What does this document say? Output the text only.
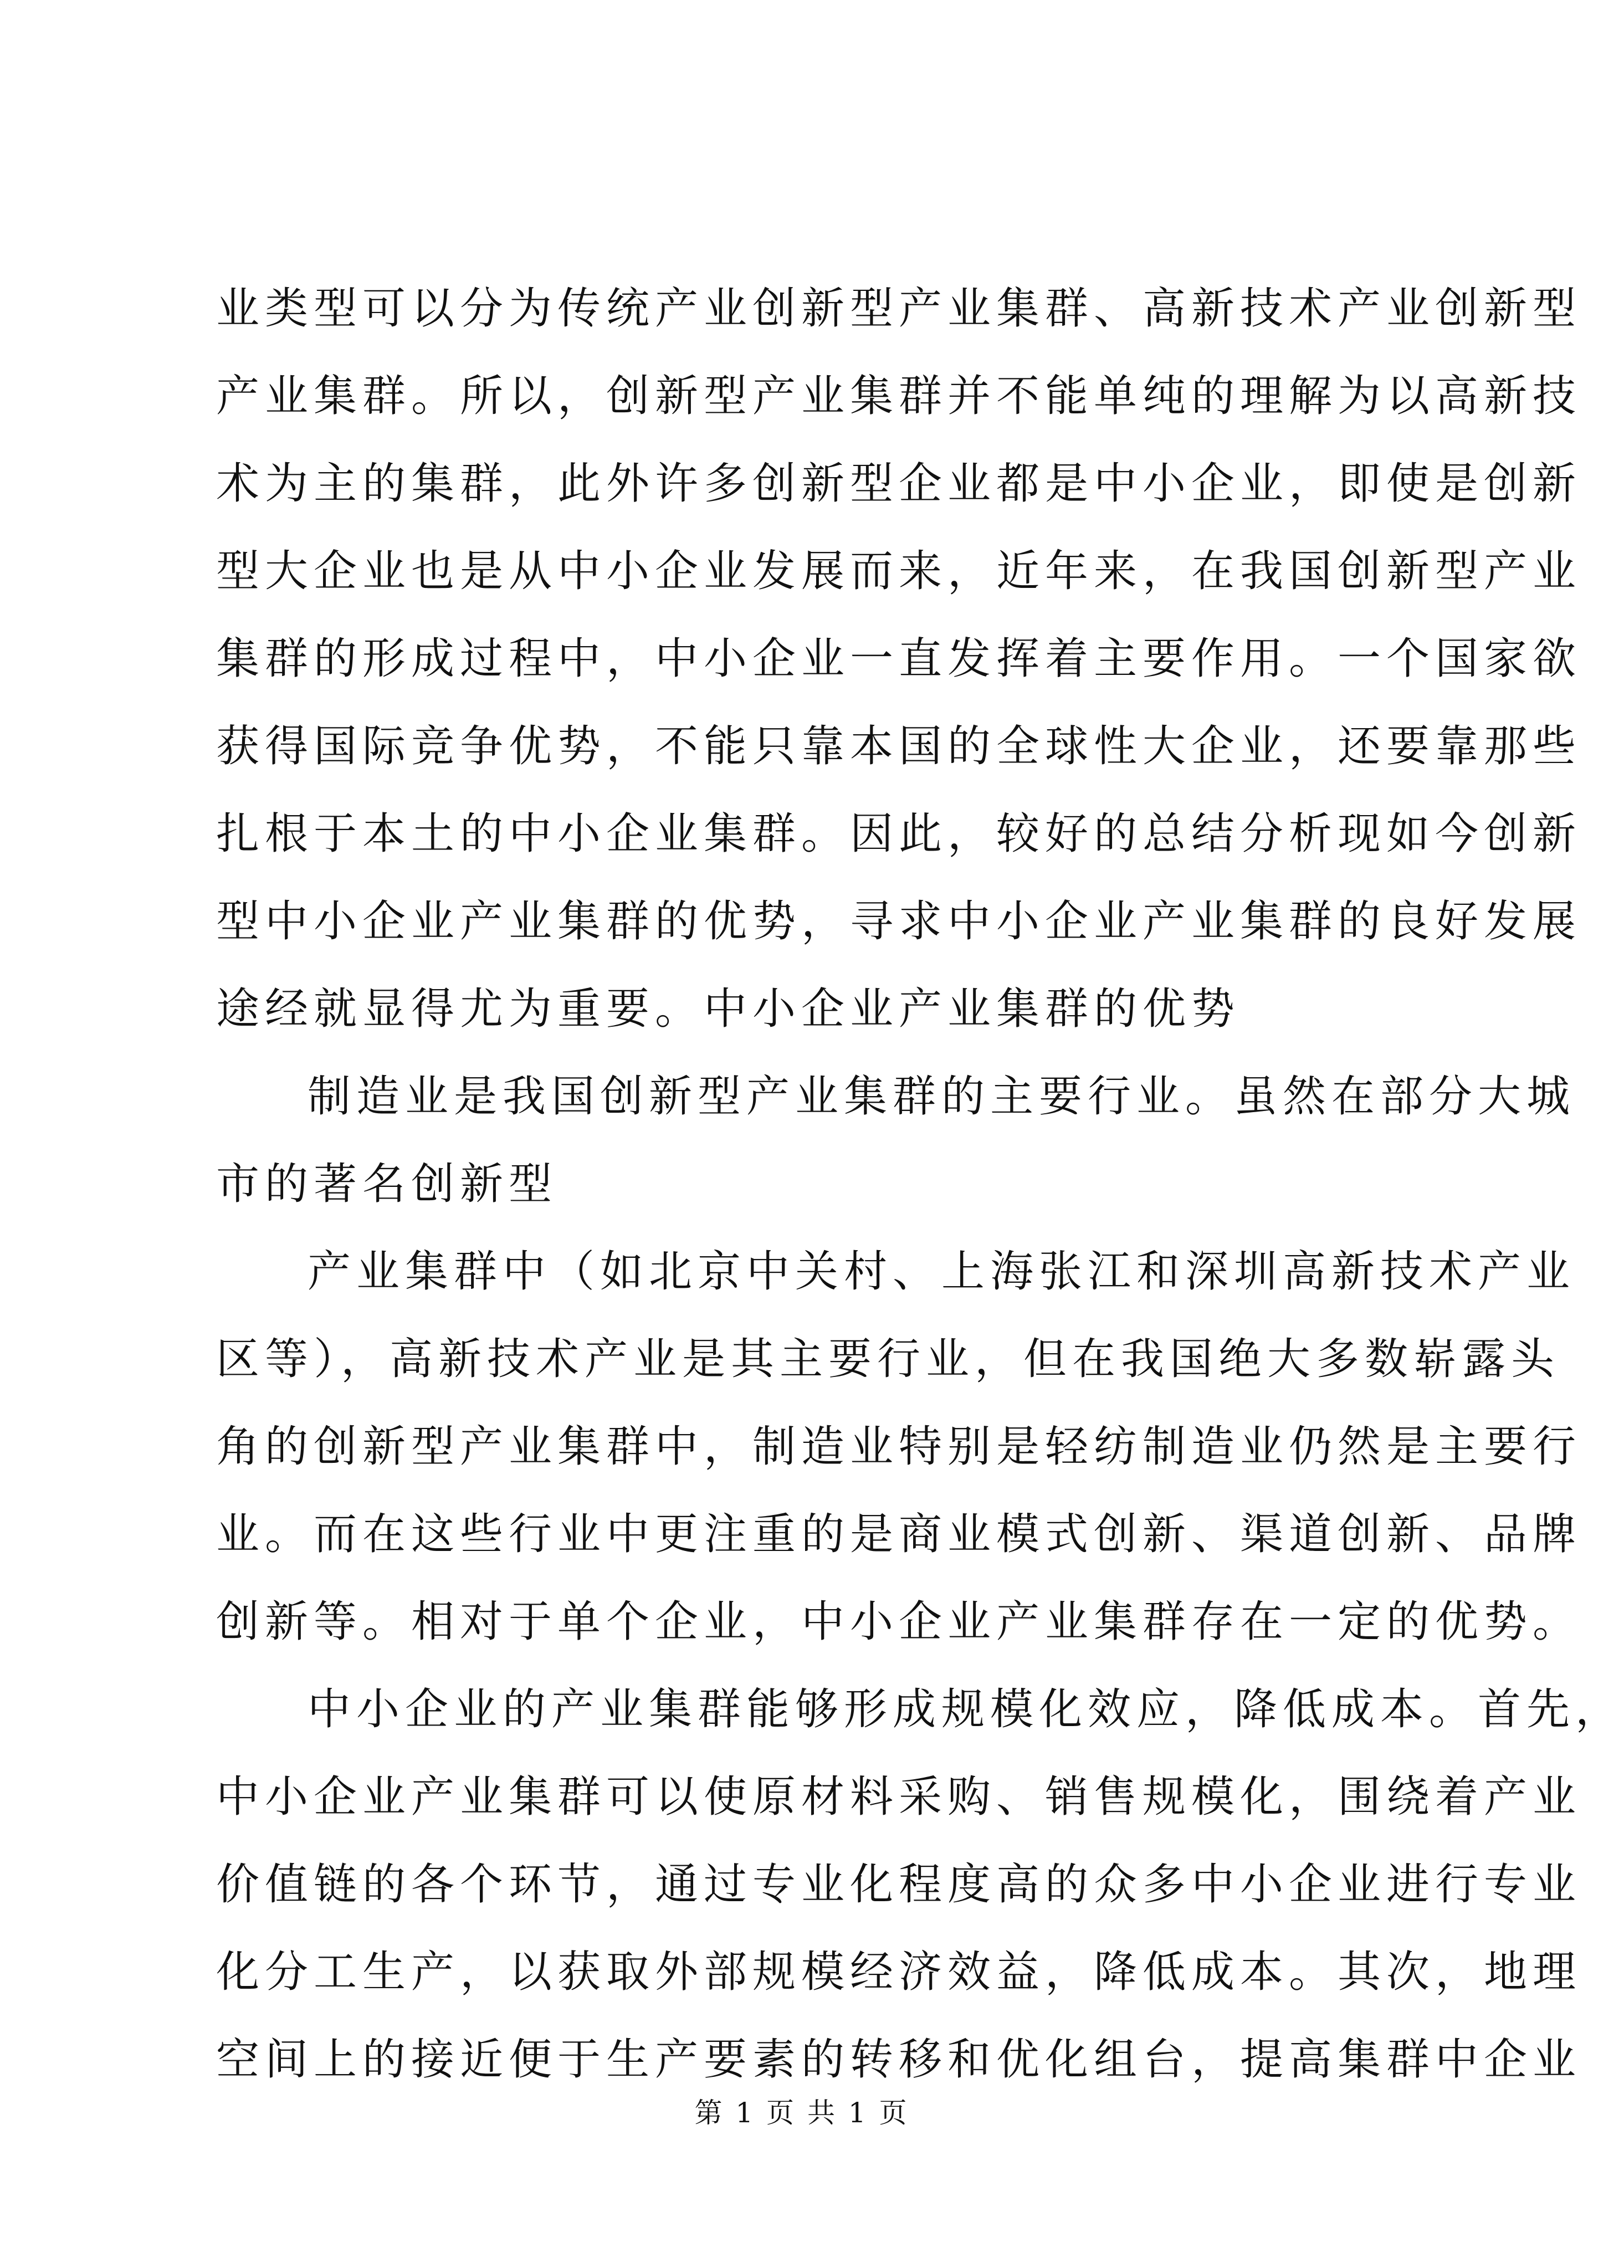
业类型可以分为传统产业创新型产业集群、高新技术产业创新型
产业集群。所以，创新型产业集群并不能单纯的理解为以高新技
术为主的集群，此外许多创新型企业都是中小企业，即使是创新
型大企业也是从中小企业发展而来，近年来，在我国创新型产业
集群的形成过程中，中小企业一直发挥着主要作用。一个国家欲
获得国际竞争优势，不能只靠本国的全球性大企业，还要靠那些
扎根于本土的中小企业集群。因此，较好的总结分析现如今创新
型中小企业产业集群的优势，寻求中小企业产业集群的良好发展
途经就显得尤为重要。中小企业产业集群的优势
制造业是我国创新型产业集群的主要行业。虽然在部分大城
市的著名创新型
产业集群中（如北京中关村、上海张江和深圳高新技术产业
区等），高新技术产业是其主要行业，但在我国绝大多数崭露头
角的创新型产业集群中，制造业特别是轻纺制造业仍然是主要行
业。而在这些行业中更注重的是商业模式创新、渠道创新、品牌
创新等。相对于单个企业，中小企业产业集群存在一定的优势。
中小企业的产业集群能够形成规模化效应，降低成本。首先，
中小企业产业集群可以使原材料采购、销售规模化，围绕着产业
价值链的各个环节，通过专业化程度高的众多中小企业进行专业
化分工生产，以获取外部规模经济效益，降低成本。其次，地理
空间上的接近便于生产要素的转移和优化组台，提高集群中企业
第 1 页 共 1 页
